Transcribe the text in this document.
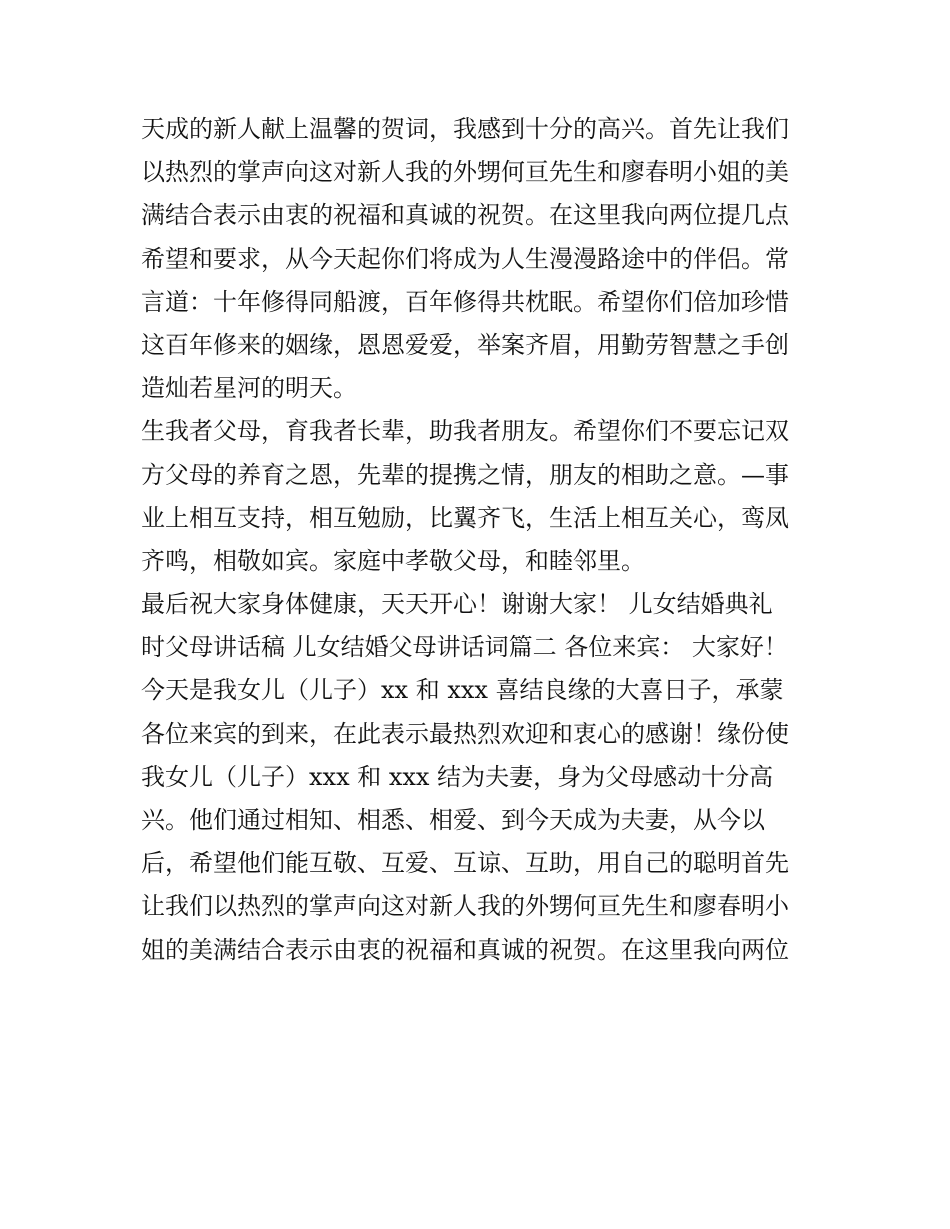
天成的新人献上温馨的贺词，我感到十分的高兴。首先让我们
以热烈的掌声向这对新人我的外甥何亘先生和廖春明小姐的美
满结合表示由衷的祝福和真诚的祝贺。在这里我向两位提几点
希望和要求，从今天起你们将成为人生漫漫路途中的伴侣。常
言道：十年修得同船渡，百年修得共枕眠。希望你们倍加珍惜
这百年修来的姻缘，恩恩爱爱，举案齐眉，用勤劳智慧之手创
造灿若星河的明天。
生我者父母，育我者长辈，助我者朋友。希望你们不要忘记双
方父母的养育之恩，先辈的提携之情，朋友的相助之意。—事
业上相互支持，相互勉励，比翼齐飞，生活上相互关心，鸾凤
齐鸣，相敬如宾。家庭中孝敬父母，和睦邻里。
最后祝大家身体健康，天天开心！谢谢大家！ 儿女结婚典礼
时父母讲话稿 儿女结婚父母讲话词篇二 各位来宾： 大家好！
今天是我女儿（儿子）xx 和 xxx 喜结良缘的大喜日子，承蒙
各位来宾的到来，在此表示最热烈欢迎和衷心的感谢！缘份使
我女儿（儿子）xxx 和 xxx 结为夫妻，身为父母感动十分高
兴。他们通过相知、相悉、相爱、到今天成为夫妻，从今以
后，希望他们能互敬、互爱、互谅、互助，用自己的聪明首先
让我们以热烈的掌声向这对新人我的外甥何亘先生和廖春明小
姐的美满结合表示由衷的祝福和真诚的祝贺。在这里我向两位
